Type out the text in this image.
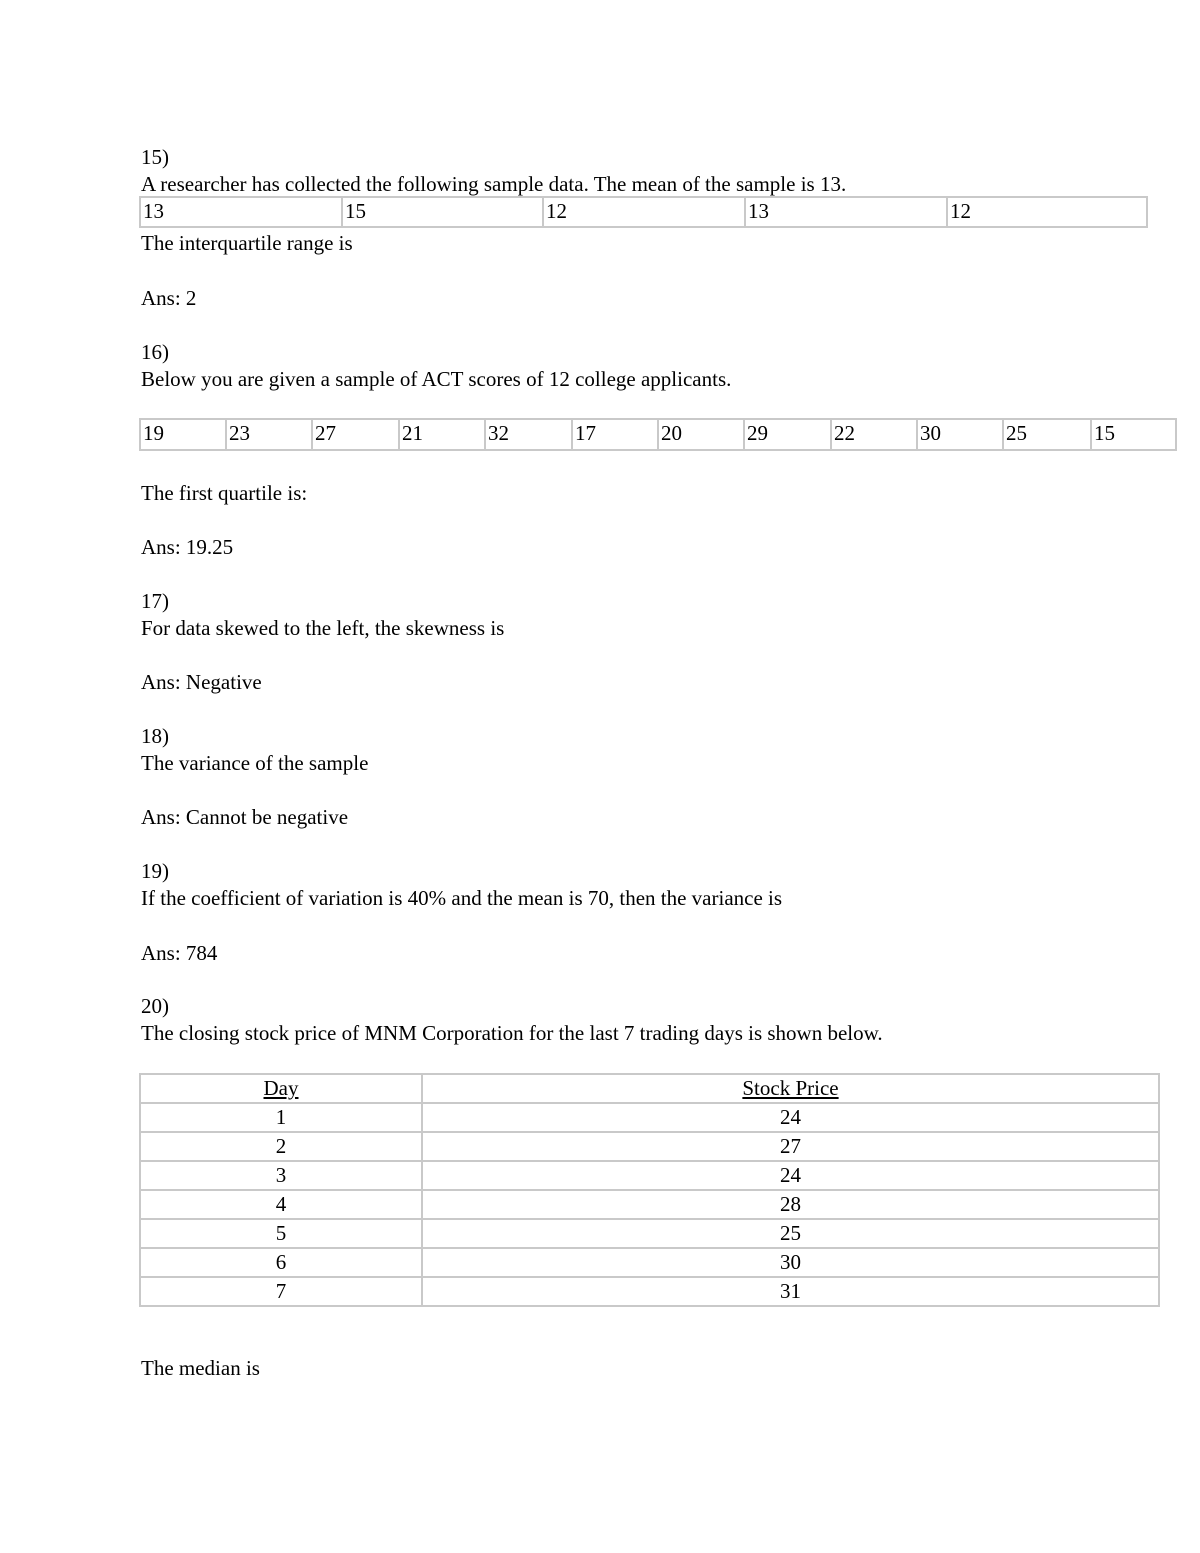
15)
A researcher has collected the following sample data. The mean of the sample is 13.
13	15	12	13	12
The interquartile range is
Ans: 2
16)
Below you are given a sample of ACT scores of 12 college applicants.
19	23	27	21	32	17	20	29	22	30	25	15
The first quartile is:
Ans: 19.25
17)
For data skewed to the left, the skewness is
Ans: Negative
18)
The variance of the sample
Ans: Cannot be negative
19)
If the coefficient of variation is 40% and the mean is 70, then the variance is
Ans: 784
20)
The closing stock price of MNM Corporation for the last 7 trading days is shown below.
Day	Stock Price
1	24
2	27
3	24
4	28
5	25
6	30
7	31
The median is
